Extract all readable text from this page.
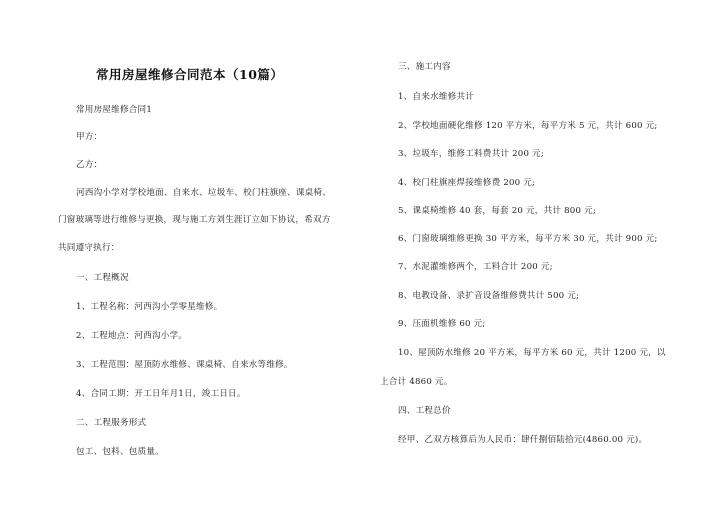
常用房屋维修合同范本（10篇）
常用房屋维修合同1
甲方：
乙方：
河西沟小学对学校地面、自来水、垃圾车、校门柱旗座、课桌椅、
门窗玻璃等进行维修与更换，现与施工方刘生涯订立如下协议，希双方
共同遵守执行：
一、工程概况
1、工程名称：河西沟小学零星维修。
2、工程地点：河西沟小学。
3、工程范围：屋顶防水维修、课桌椅、自来水等维修。
4、合同工期：开工日年月1日，竣工日日。
二、工程服务形式
包工、包料、包质量。
三、施工内容
1、自来水维修共计
2、学校地面硬化维修 120 平方米，每平方米 5 元，共计 600 元;
3、垃圾车，维修工料费共计 200 元;
4、校门柱旗座焊接维修费 200 元;
5、课桌椅维修 40 套，每套 20 元，共计 800 元;
6、门窗玻璃维修更换 30 平方米，每平方米 30 元，共计 900 元;
7、水泥灌维修两个，工料合计 200 元;
8、电教设备、录扩音设备维修费共计 500 元;
9、压面机维修 60 元;
10、屋顶防水维修 20 平方米，每平方米 60 元，共计 1200 元，以
上合计 4860 元。
四、工程总价
经甲、乙双方核算后为人民币：肆仟捌佰陆拾元(4860.00 元)。
